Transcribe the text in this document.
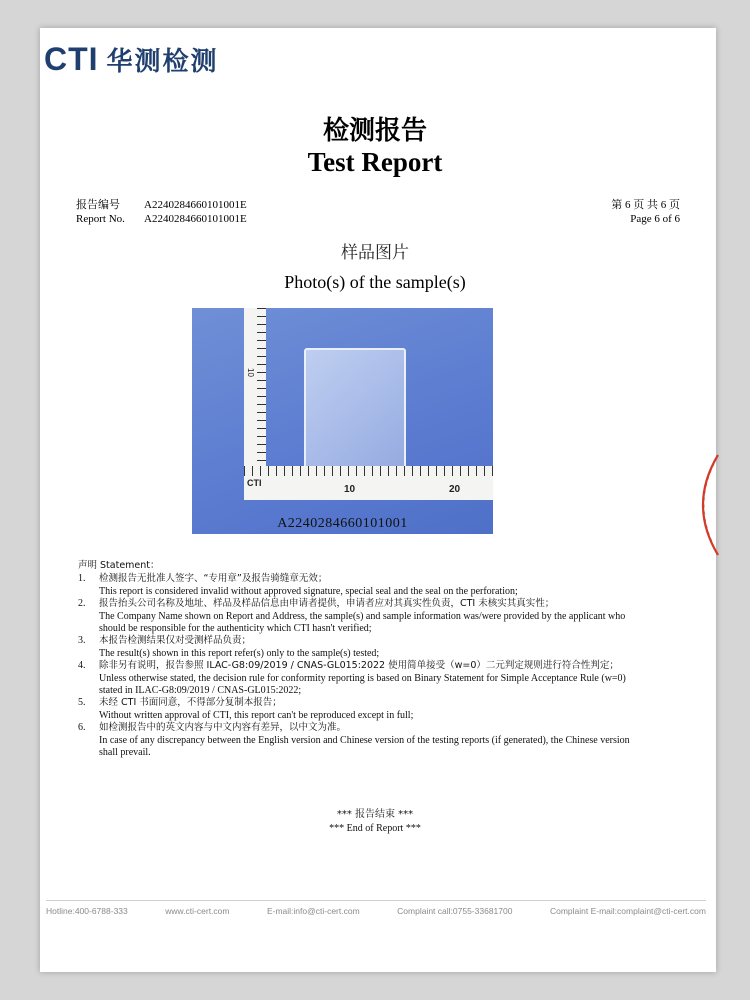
CTI 华测检测
检测报告
Test Report
报告编号 A2240284660101001E
Report No. A2240284660101001E
第 6 页 共 6 页
Page 6 of 6
样品图片
Photo(s) of the sample(s)
10
CTI
10	20
A2240284660101001
声明 Statement：
1.	检测报告无批准人签字、“专用章”及报告骑缝章无效；
This report is considered invalid without approved signature, special seal and the seal on the perforation;
2.	报告抬头公司名称及地址、样品及样品信息由申请者提供，申请者应对其真实性负责，CTI 未核实其真实性；
The Company Name shown on Report and Address, the sample(s) and sample information was/were provided by the applicant who should be responsible for the authenticity which CTI hasn't verified;
3.	本报告检测结果仅对受测样品负责；
The result(s) shown in this report refer(s) only to the sample(s) tested;
4.	除非另有说明，报告参照 ILAC-G8:09/2019 / CNAS-GL015:2022 使用简单接受（w=0）二元判定规则进行符合性判定；
Unless otherwise stated, the decision rule for conformity reporting is based on Binary Statement for Simple Acceptance Rule (w=0) stated in ILAC-G8:09/2019 / CNAS-GL015:2022;
5.	未经 CTI 书面同意，不得部分复制本报告；
Without written approval of CTI, this report can't be reproduced except in full;
6.	如检测报告中的英文内容与中文内容有差异，以中文为准。
In case of any discrepancy between the English version and Chinese version of the testing reports (if generated), the Chinese version shall prevail.
*** 报告结束 ***
*** End of Report ***
Hotline:400-6788-333	www.cti-cert.com	E-mail:info@cti-cert.com	Complaint call:0755-33681700	Complaint E-mail:complaint@cti-cert.com
